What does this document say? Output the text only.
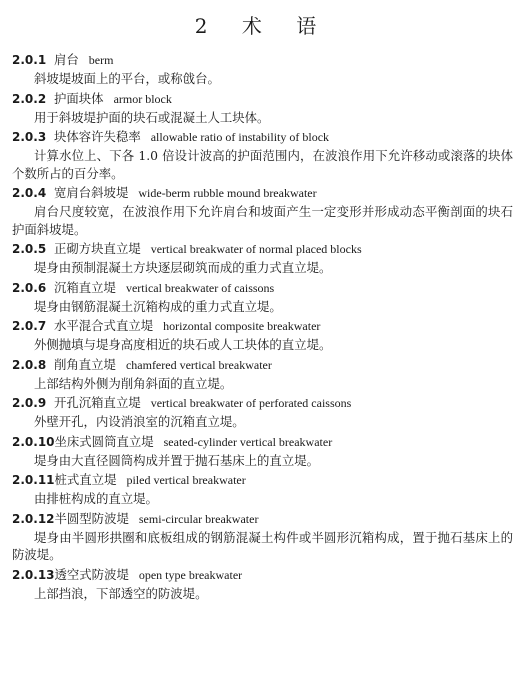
2 术 语
2.0.1 肩台 berm
斜坡堤坡面上的平台，或称戗台。
2.0.2 护面块体 armor block
用于斜坡堤护面的块石或混凝土人工块体。
2.0.3 块体容许失稳率 allowable ratio of instability of block
计算水位上、下各 1.0 倍设计波高的护面范围内，在波浪作用下允许移动或滚落的块体个数所占的百分率。
2.0.4 宽肩台斜坡堤 wide-berm rubble mound breakwater
肩台尺度较宽，在波浪作用下允许肩台和坡面产生一定变形并形成动态平衡剖面的块石护面斜坡堤。
2.0.5 正砌方块直立堤 vertical breakwater of normal placed blocks
堤身由预制混凝土方块逐层砌筑而成的重力式直立堤。
2.0.6 沉箱直立堤 vertical breakwater of caissons
堤身由钢筋混凝土沉箱构成的重力式直立堤。
2.0.7 水平混合式直立堤 horizontal composite breakwater
外侧抛填与堤身高度相近的块石或人工块体的直立堤。
2.0.8 削角直立堤 chamfered vertical breakwater
上部结构外侧为削角斜面的直立堤。
2.0.9 开孔沉箱直立堤 vertical breakwater of perforated caissons
外壁开孔，内设消浪室的沉箱直立堤。
2.0.10坐床式圆筒直立堤 seated-cylinder vertical breakwater
堤身由大直径圆筒构成并置于抛石基床上的直立堤。
2.0.11桩式直立堤 piled vertical breakwater
由排桩构成的直立堤。
2.0.12半圆型防波堤 semi-circular breakwater
堤身由半圆形拱圈和底板组成的钢筋混凝土构件或半圆形沉箱构成，置于抛石基床上的防波堤。
2.0.13透空式防波堤 open type breakwater
上部挡浪，下部透空的防波堤。
